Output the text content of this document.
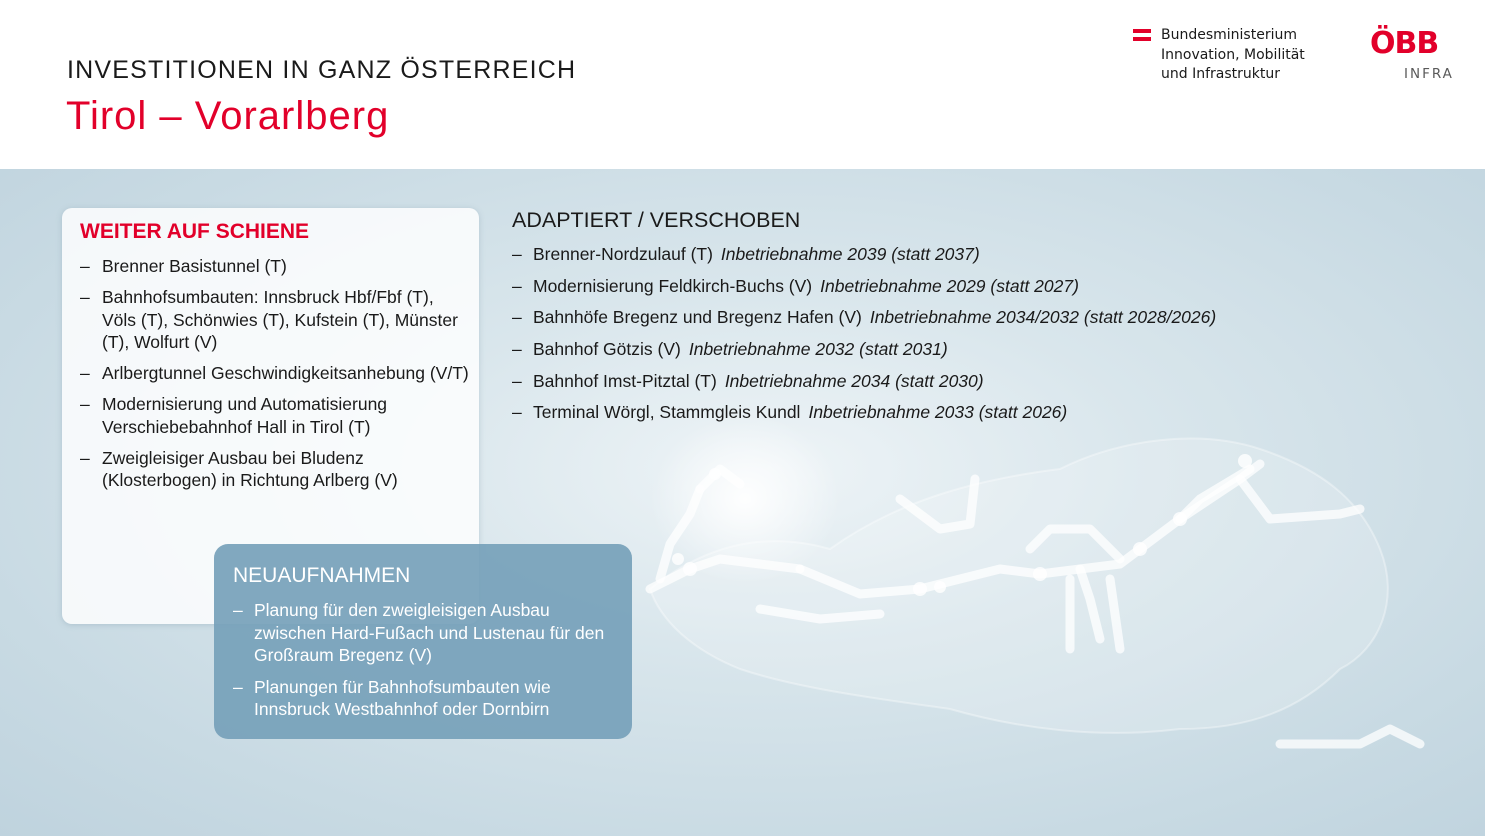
INVESTITIONEN IN GANZ ÖSTERREICH
Tirol – Vorarlberg
Bundesministerium
Innovation, Mobilität
und Infrastruktur
ÖBB
INFRA
WEITER AUF SCHIENE
– Brenner Basistunnel (T)
– Bahnhofsumbauten: Innsbruck Hbf/Fbf (T), Völs (T), Schönwies (T), Kufstein (T), Münster (T), Wolfurt (V)
– Arlbergtunnel Geschwindigkeitsanhebung (V/T)
– Modernisierung und Automatisierung Verschiebebahnhof Hall in Tirol (T)
– Zweigleisiger Ausbau bei Bludenz (Klosterbogen) in Richtung Arlberg (V)
NEUAUFNAHMEN
– Planung für den zweigleisigen Ausbau zwischen Hard-Fußach und Lustenau für den Großraum Bregenz (V)
– Planungen für Bahnhofsumbauten wie Innsbruck Westbahnhof oder Dornbirn
ADAPTIERT / VERSCHOBEN
– Brenner-Nordzulauf (T) Inbetriebnahme 2039 (statt 2037)
– Modernisierung Feldkirch-Buchs (V) Inbetriebnahme 2029 (statt 2027)
– Bahnhöfe Bregenz und Bregenz Hafen (V) Inbetriebnahme 2034/2032 (statt 2028/2026)
– Bahnhof Götzis (V) Inbetriebnahme 2032 (statt 2031)
– Bahnhof Imst-Pitztal (T) Inbetriebnahme 2034 (statt 2030)
– Terminal Wörgl, Stammgleis Kundl Inbetriebnahme 2033 (statt 2026)
